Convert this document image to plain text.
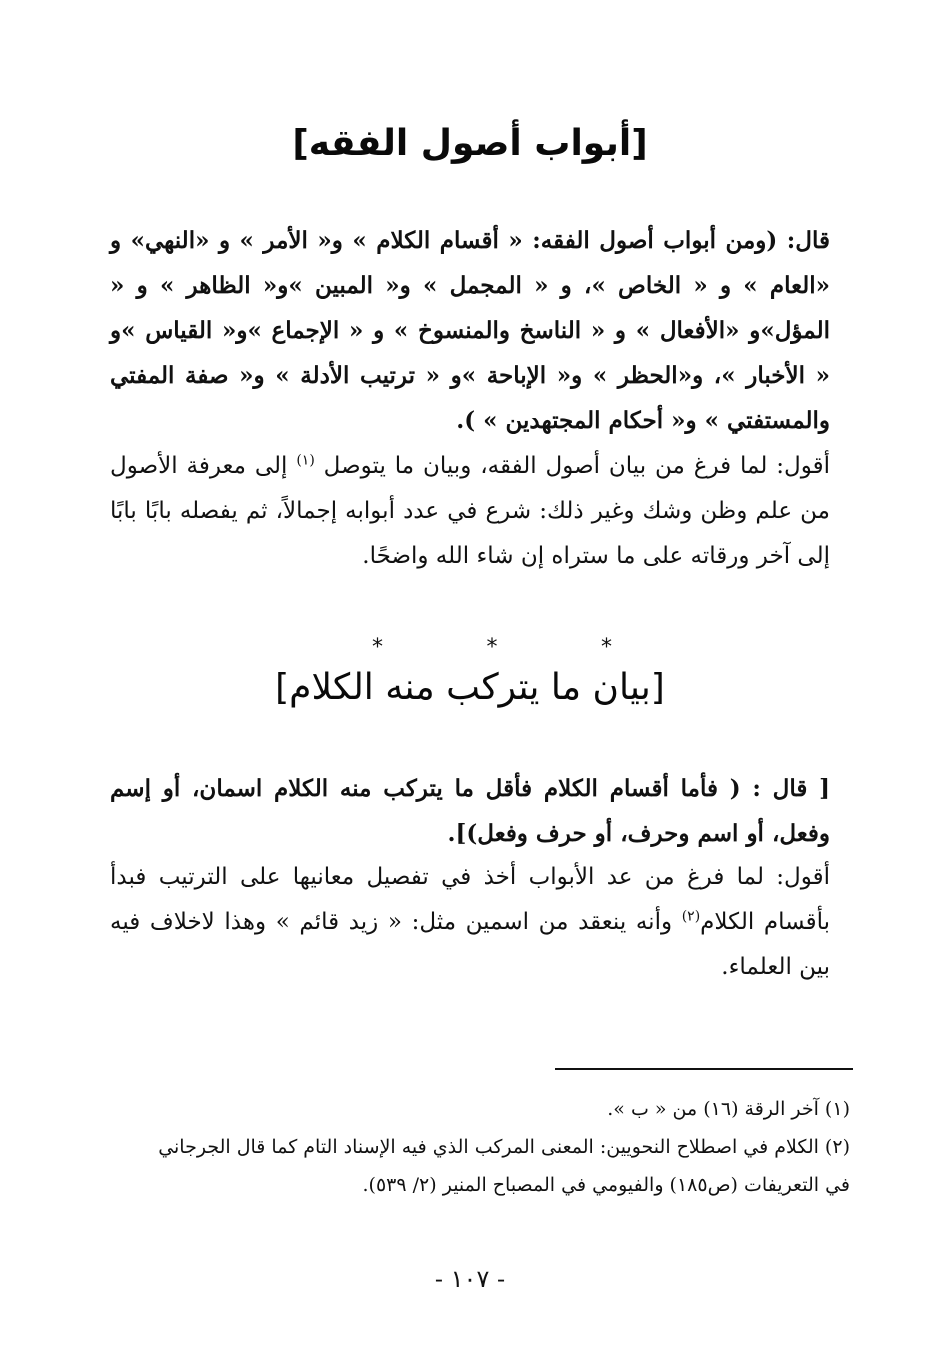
[أبواب أصول الفقه]
قال: (ومن أبواب أصول الفقه: « أقسام الكلام » و« الأمر » و «النهي» و «العام » و « الخاص »، و « المجمل » و« المبين »و« الظاهر » و « المؤل»و «الأفعال » و « الناسخ والمنسوخ » و « الإجماع »و« القياس »و « الأخبار »، و«الحظر » و« الإباحة »و « ترتيب الأدلة » و« صفة المفتي والمستفتي » و« أحكام المجتهدين » ).
أقول: لما فرغ من بيان أصول الفقه، وبيان ما يتوصل $^{(١)}$ إلى معرفة الأصول من علم وظن وشك وغير ذلك: شرع في عدد أبوابه إجمالاً، ثم يفصله بابًا بابًا إلى آخر ورقاته على ما ستراه إن شاء الله واضحًا.
*	*	*
[بيان ما يتركب منه الكلام]
[ قال : ( فأما أقسام الكلام فأقل ما يتركب منه الكلام اسمان، أو إسم وفعل، أو اسم وحرف، أو حرف وفعل)].
أقول: لما فرغ من عد الأبواب أخذ في تفصيل معانيها على الترتيب فبدأ بأقسام الكلام$^{(٢)}$ وأنه ينعقد من اسمين مثل: « زيد قائم » وهذا لاخلاف فيه بين العلماء.

(١) آخر الرقة (١٦) من « ب ».

(٢) الكلام في اصطلاح النحويين: المعنى المركب الذي فيه الإسناد التام كما قال الجرجاني

في التعريفات (ص١٨٥) والفيومي في المصباح المنير (٢/ ٥٣٩).

- ١٠٧ -
